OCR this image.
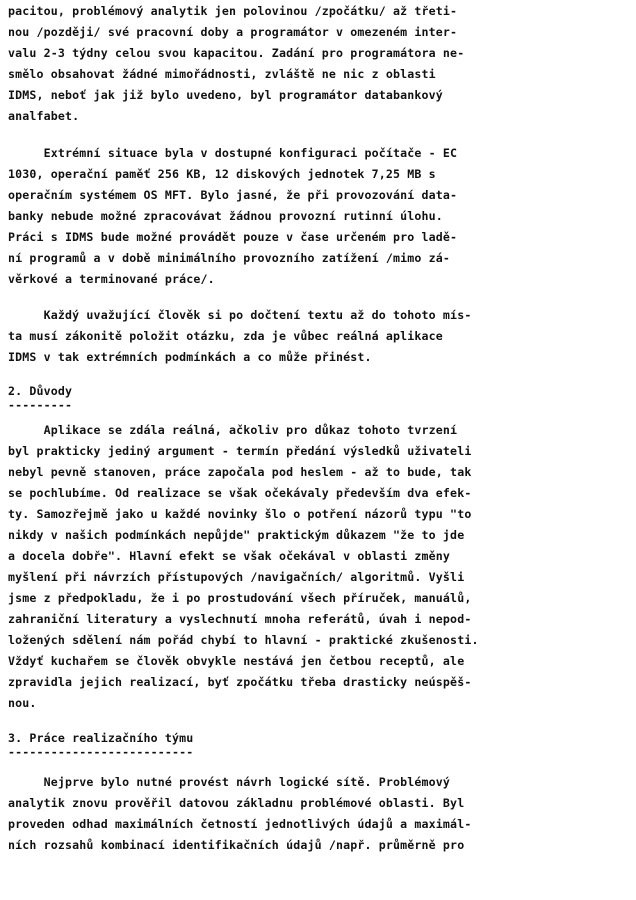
pacitou, problémový analytik jen polovinou /zpočátku/ až třeti-
nou /později/ své pracovní doby a programátor v omezeném inter-
valu 2-3 týdny celou svou kapacitou. Zadání pro programátora ne-
smělo obsahovat žádné mimořádnosti, zvláště ne nic z oblasti
IDMS, neboť jak již bylo uvedeno, byl programátor databankový
analfabet.
Extrémní situace byla v dostupné konfiguraci počítače - EC
1030, operační paměť 256 KB, 12 diskových jednotek 7,25 MB s
operačním systémem OS MFT. Bylo jasné, že při provozování data-
banky nebude možné zpracovávat žádnou provozní rutinní úlohu.
Práci s IDMS bude možné provádět pouze v čase určeném pro ladě-
ní programů a v době minimálního provozního zatížení /mimo zá-
věrkové a terminované práce/.
Každý uvažující člověk si po dočtení textu až do tohoto mís-
ta musí zákonitě položit otázku, zda je vůbec reálná aplikace
IDMS v tak extrémních podmínkách a co může přinést.
2. Důvody
---------
Aplikace se zdála reálná, ačkoliv pro důkaz tohoto tvrzení
byl prakticky jediný argument - termín předání výsledků uživateli
nebyl pevně stanoven, práce započala pod heslem - až to bude, tak
se pochlubíme. Od realizace se však očekávaly především dva efek-
ty. Samozřejmě jako u každé novinky šlo o potření názorů typu "to
nikdy v našich podmínkách nepůjde" praktickým důkazem "že to jde
a docela dobře". Hlavní efekt se však očekával v oblasti změny
myšlení při návrzích přístupových /navigačních/ algoritmů. Vyšli
jsme z předpokladu, že i po prostudování všech příruček, manuálů,
zahraniční literatury a vyslechnutí mnoha referátů, úvah i nepod-
ložených sdělení nám pořád chybí to hlavní - praktické zkušenosti.
Vždyť kuchařem se člověk obvykle nestává jen četbou receptů, ale
zpravidla jejich realizací, byť zpočátku třeba drasticky neúspěš-
nou.
3. Práce realizačního týmu
--------------------------
Nejprve bylo nutné provést návrh logické sítě. Problémový
analytik znovu prověřil datovou základnu problémové oblasti. Byl
proveden odhad maximálních četností jednotlivých údajů a maximál-
ních rozsahů kombinací identifikačních údajů /např. průměrně pro
